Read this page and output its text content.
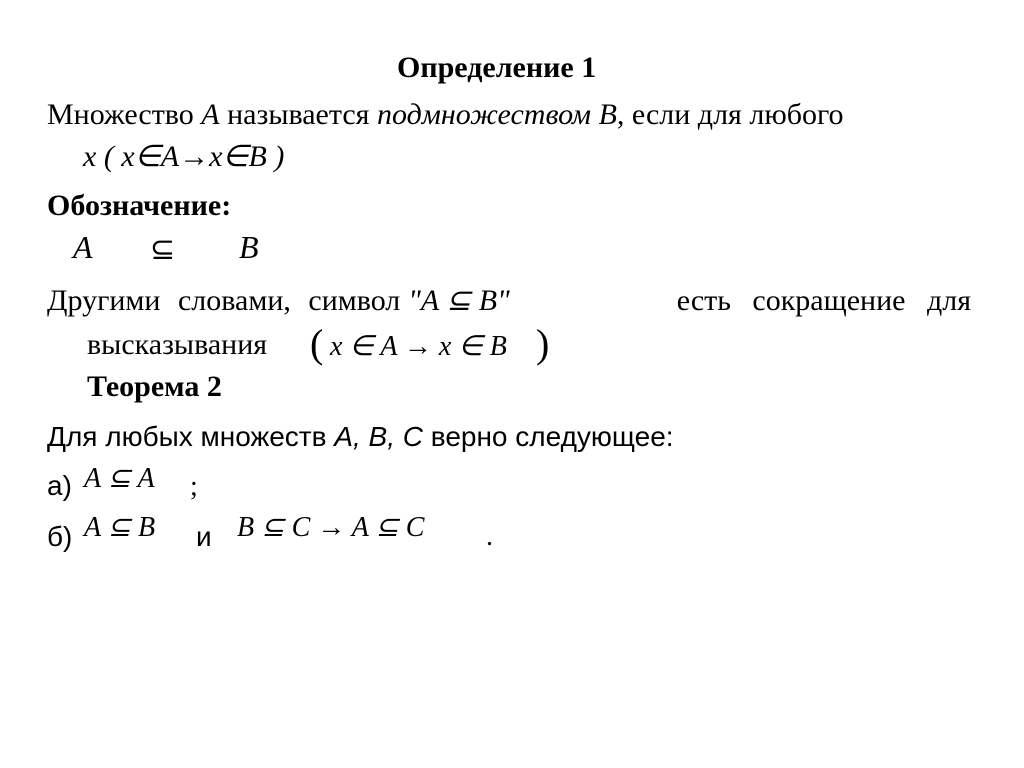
Определение 1
Множество A называется подмножеством B, если для любого
x ( x∈A→x∈B )
Обозначение:
A ⊆ B
Другими словами, символ "A ⊆ B"	есть сокращение для
высказывания ( x ∈ A → x ∈ B )
Теорема 2
Для любых множеств A, B, C верно следующее:
а) A ⊆ A ;
б) A ⊆ B и B ⊆ C → A ⊆ C .
